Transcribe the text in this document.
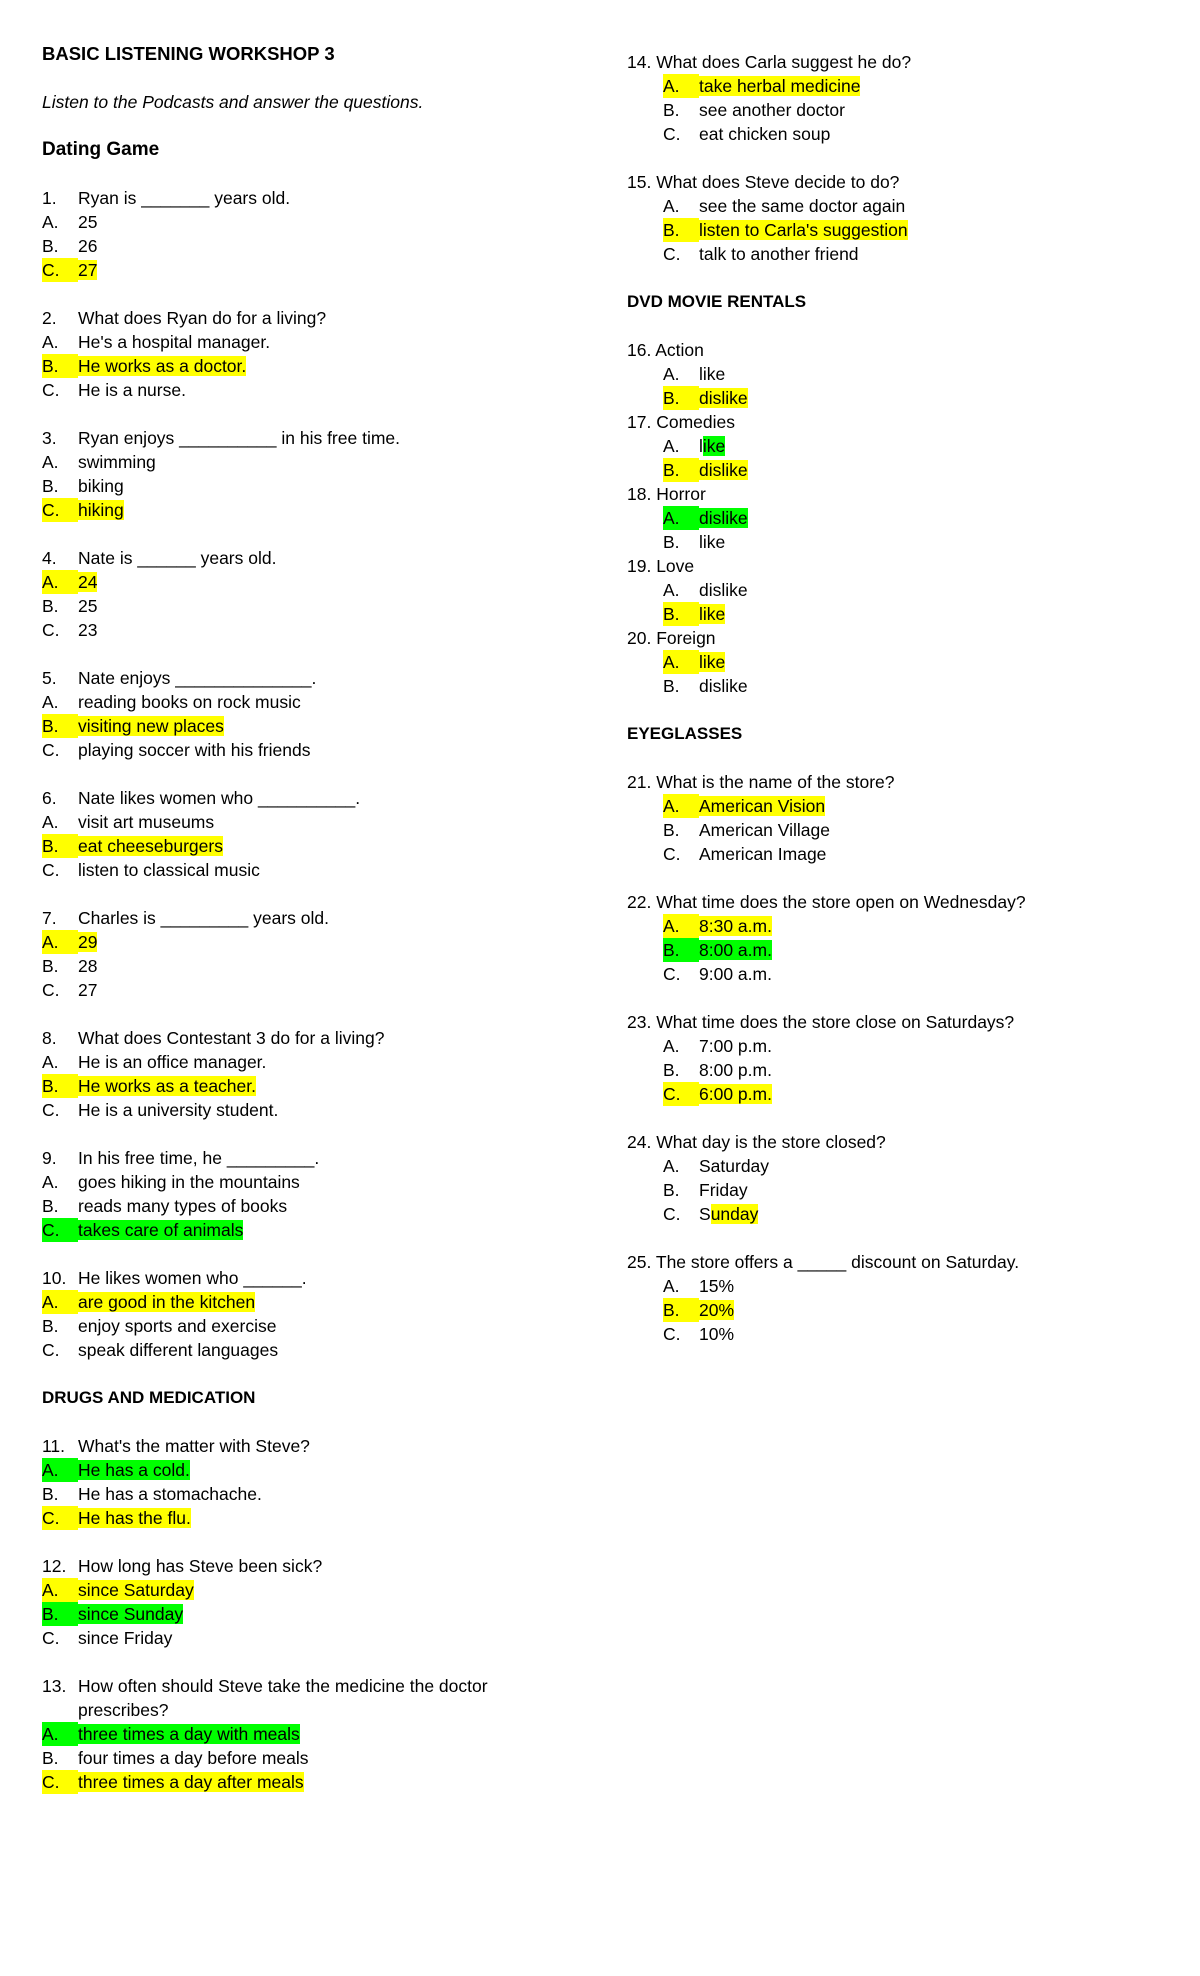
BASIC LISTENING WORKSHOP 3
Listen to the Podcasts and answer the questions.
Dating Game
1. Ryan is _______ years old.
A. 25
B. 26
C. 27
2. What does Ryan do for a living?
A. He's a hospital manager.
B. He works as a doctor.
C. He is a nurse.
3. Ryan enjoys __________ in his free time.
A. swimming
B. biking
C. hiking
4. Nate is ______ years old.
A. 24
B. 25
C. 23
5. Nate enjoys ______________.
A. reading books on rock music
B. visiting new places
C. playing soccer with his friends
6. Nate likes women who __________.
A. visit art museums
B. eat cheeseburgers
C. listen to classical music
7. Charles is _________ years old.
A. 29
B. 28
C. 27
8. What does Contestant 3 do for a living?
A. He is an office manager.
B. He works as a teacher.
C. He is a university student.
9. In his free time, he _________.
A. goes hiking in the mountains
B. reads many types of books
C. takes care of animals
10. He likes women who ______.
A. are good in the kitchen
B. enjoy sports and exercise
C. speak different languages
DRUGS AND MEDICATION
11. What's the matter with Steve?
A. He has a cold.
B. He has a stomachache.
C. He has the flu.
12. How long has Steve been sick?
A. since Saturday
B. since Sunday
C. since Friday
13. How often should Steve take the medicine the doctor
prescribes?
A. three times a day with meals
B. four times a day before meals
C. three times a day after meals
14. What does Carla suggest he do?
A. take herbal medicine
B. see another doctor
C. eat chicken soup
15. What does Steve decide to do?
A. see the same doctor again
B. listen to Carla's suggestion
C. talk to another friend
DVD MOVIE RENTALS
16. Action
A. like
B. dislike
17. Comedies
A. like
B. dislike
18. Horror
A. dislike
B. like
19. Love
A. dislike
B. like
20. Foreign
A. like
B. dislike
EYEGLASSES
21. What is the name of the store?
A. American Vision
B. American Village
C. American Image
22. What time does the store open on Wednesday?
A. 8:30 a.m.
B. 8:00 a.m.
C. 9:00 a.m.
23. What time does the store close on Saturdays?
A. 7:00 p.m.
B. 8:00 p.m.
C. 6:00 p.m.
24. What day is the store closed?
A. Saturday
B. Friday
C. Sunday
25. The store offers a _____ discount on Saturday.
A. 15%
B. 20%
C. 10%
